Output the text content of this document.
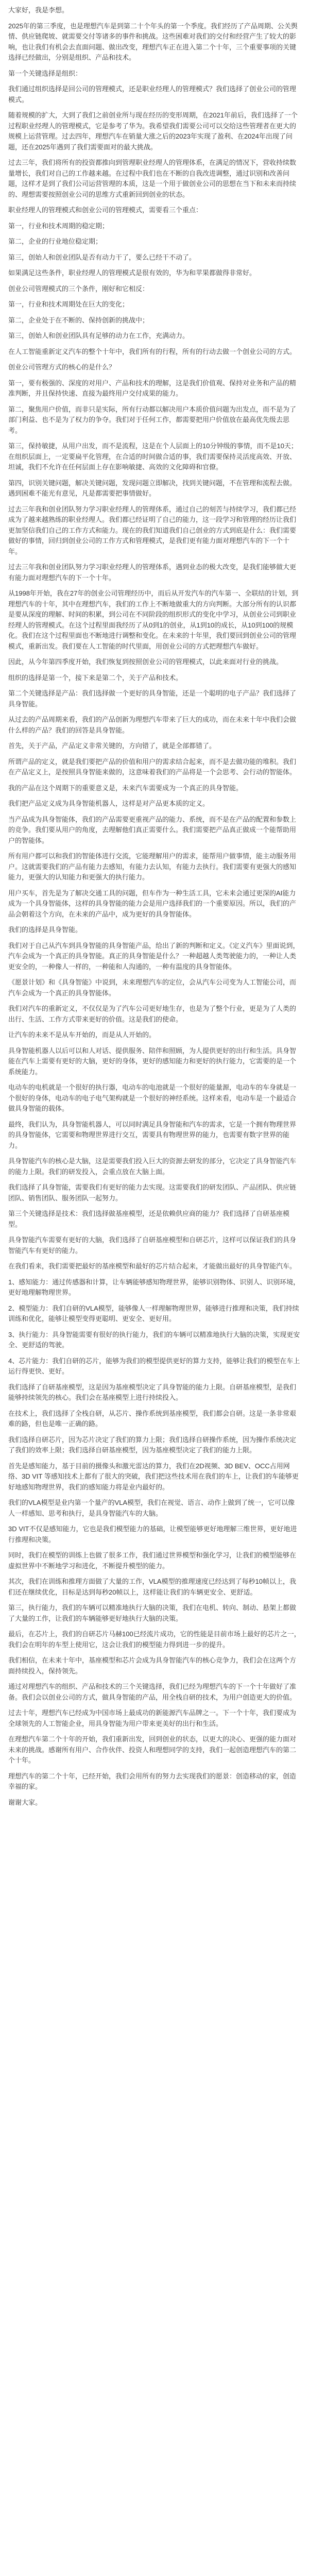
大家好，我是李想。

2025年的第三季度，也是理想汽车是到第二十个年头的第一个季度。我们经历了产品周期、公关舆情、供应链爬坡、就需要交付等诸多的事件和挑战。这些困难对我们的交付和经营产生了较大的影响，也让我们有机会去直面问题、做出改变，理想汽车正在进入第二个十年，三个重要事项的关键选择已经做出，分别是组织、产品和技术。

第一个关键选择是组织：

我们通过组织选择是回公司的管理模式，还是职业经理人的管理模式？我们选择了创业公司的管理模式。

随着规模的扩大，大到了我们之前创业所与现在经历的变形周期，在2021年前后，我们选择了一个过程职业经理人的管理模式，它是参考了华为。我希望我们需要公司可以交给这些管理者在更大的规模上运营管理。过去四年，理想汽车在销量大涨之后的2023年实现了盈利、在2024年出现了问题，还在2025年遇到了我们需要面对的最大挑战。

过去三年，我们将所有的投资都推向到管理职业经理人的管理体系，在满足的情况下，营收持续数量增长，我们对自己的工作越来越。在过程中我们也在不断的自我改进调整，通过识别和改善问题，这样才是到了我们公司运营管理的本质，这是一个用于做创业公司的思想在当下和未来而持续的、理想需要按照创业公司的思维方式重新回到创业的状态。

职业经理人的管理模式和创业公司的管理模式，需要看三个重点：

第一，行业和技术周期的稳定期；

第二，企业的行业地位稳定期；

第三，创始人和创业团队是否有动力干了，要么已经干不动了。

如果满足这些条件，职业经理人的管理模式是很有效的，华为和苹果都做得非常好。

创业公司管理模式的三个条件，刚好和它相反：

第一，行业和技术周期处在巨大的变化；

第二，企业处于在不断的、保持创新的挑战中；

第三，创始人和创业团队具有足够的动力在工作，充满动力。

在人工智能重新定义汽车的整个十年中，我们所有的行程，所有的行动去做一个创业公司的方式。

创业公司管理方式的核心的是什么？

第一，要有极强的、深度的对用户、产品和技术的理解，这是我们价值观、保持对业务和产品的精准判断，并且保持快速、直接为最终用户交付成果的能力。

第二，聚焦用户价值，而非只是实际，所有行动都以解决用户本质价值问题为出发点，而不是为了部门利益、也不是为了权力的争夺。我们对于任何工作，都需要把用户价值放在最高优先级去思考。

第三，保持敏捷，从用户出发，而不是流程，这是在个人层面上的10分钟级的事情，而不是10天；在组织层面上，一定要扁平化管理，在合适的时间做合适的事，我们需要保持灵活度高效、开放、坦诚，我们不允许在任何层面上存在影响敏捷、高效的文化障碍和官僚。

第四，识别关键问题，解决关键问题，发现问题立即解决，找到关键问题，不在管理和流程去做。遇到困难不能光有意见，凡是都需要把事情做好。

过去三年我和创业团队努力学习职业经理人的管理体系，通过自己的刻苦与持续学习，我们都已经成为了越来越熟练的职业经理人。我们都已经证明了自己的能力，这一段学习和管理的经历让我们更加坚信我们自己的工作方式和能力。现在的我们知道我们自己创业的方式到底是什么：我们需要做好的事情，回归到创业公司的工作方式和管理模式，是我们更有能力面对理想汽车的下一个十年。

过去三年我和创业团队努力学习职业经理人的管理体系，遇到业态的极大改变，是我们能够做大更有能力面对理想汽车的下一个十年。

从1998年开始，我在27年的创业公司管理经历中，而后从开发汽车的汽车第一、全联结的计划，到理想汽车的十年，其中在理想汽车，我们的工作上不断地做重大的方向判断。大部分所有的认识都是要从深度的理解、时间的积累，到公司在不同阶段的组织形式的变化中学习，从创业公司到职业经理人的管理模式。在这个过程里面我经历了从0到1的创业，从1到10的成长，从10到100的规模化。我们在这个过程里面也不断地进行调整和变化。在未来的十年里，我们要回到创业公司的管理模式，重新出发。我们要在人工智能的时代里面，用创业公司的方式把理想汽车做好。

因此，从今年第四季度开始，我们恢复到按照创业公司的管理模式，以此来面对行业的挑战。

组织的选择是第一个，接下来是第二个，关于产品和技术。

第二个关键选择是产品：我们选择做一个更好的具身智能，还是一个聪明的电子产品？我们选择了具身智能。

从过去的产品周期来看，我们的产品创新为理想汽车带来了巨大的成功，而在未来十年中我们会做什么样的产品？我们的回答是具身智能。

首先，关于产品，产品定义非常关键的，方向错了，就是全部都错了。

所谓产品的定义，就是我们要把产品的价值和用户的需求结合起来，而不是去做功能的堆积。我们在产品定义上，是按照具身智能来做的，这意味着我们的产品将是一个会思考、会行动的智能体。

我的产品在这个周期下的重要意义是，未来汽车需要成为一个真正的具身智能。

我们把产品定义成为具身智能机器人，这样是对产品更本质的定义。

当产品成为具身智能体，我们的产品需要更重视产品的能力、系统，而不是在产品的配置和参数上的竞争。我们要从用户的角度，去理解他们真正需要什么。我们需要把产品真正做成一个能帮助用户的智能体。

所有用户都可以和我们的智能体进行交流，它能理解用户的需求，能帮用户做事情，能主动服务用户。这就需要我们的产品有能力去感知，有能力去认知，有能力去执行。我们需要有更强大的感知能力，更强大的认知能力和更强大的执行能力。

用户买车，首先是为了解决交通工具的问题，但车作为一种生活工具，它未来会通过更深的AI能力成为一个具身智能体，这样的具身智能的能力会是用户选择我们的一个重要原因。所以，我们的产品会朝着这个方向，在未来的产品中，成为更好的具身智能体。

我们的选择是具身智能。

我们对于自己从汽车到具身智能的具身智能产品，给出了新的判断和定义。《定义汽车》里面说到，汽车会成为一个真正的具身智能。真正的具身智能是什么？一种超越人类驾驶能力的，一种让人类更安全的，一种像人一样的，一种能和人沟通的，一种有温度的具身智能体。

《愿景计划》和《具身智能》中说到，未来理想汽车的定位，会从汽车公司变为人工智能公司，而汽车会成为一个真正的具身智能体。

我们对汽车的重新定义，不仅仅是为了汽车公司更好地生存，也是为了整个行业，更是为了人类的出行、生活、工作方式带来更好的价值。这是我们的使命。

让汽车的未来不是从车开始的，而是从人开始的。

具身智能机器人以后可以和人对话、提供服务、陪伴和照顾，为人提供更好的出行和生活。具身智能在汽车上需要有更好的大脑，更好的身体，更好的感知能力和更好的执行能力，它需要的是一个系统能力。

电动车的电机就是一个很好的执行器，电动车的电池就是一个很好的能量源，电动车的车身就是一个很好的身体，电动车的电子电气架构就是一个很好的神经系统。这样来看，电动车是一个最适合做具身智能的载体。

最终，我们认为，具身智能机器人，可以同时满足具身智能和汽车的需求，它是一个拥有物理世界的具身智能体，它需要和物理世界进行交互，需要具有物理世界的能力，也需要有数字世界的能力。

具身智能汽车的核心是大脑，这是需要我们投入巨大的资源去研发的部分，它决定了具身智能汽车的能力上限。我们的研发投入，会重点放在大脑上面。

我们选择了具身智能，需要我们有更好的能力去实现。这需要我们的研发团队、产品团队、供应链团队、销售团队、服务团队一起努力。

第三个关键选择是技术：我们选择做基座模型，还是依赖供应商的能力？我们选择了自研基座模型。

具身智能汽车需要有更好的大脑，我们选择了自研基座模型和自研芯片，这样可以保证我们的具身智能汽车有更好的能力。

在我们看来，我们需要把最好的基座模型和最好的芯片结合起来，才能做出最好的具身智能汽车。

1、感知能力：通过传感器和计算，让车辆能够感知物理世界，能够识别物体、识别人、识别环境，更好地理解物理世界。

2、模型能力：我们自研的VLA模型，能够像人一样理解物理世界，能够进行推理和决策，我们持续训练和优化，能够让模型变得更聪明、更安全、更好用。

3、执行能力：具身智能需要有很好的执行能力，我们的车辆可以精准地执行大脑的决策，实现更安全、更舒适的驾驶。

4、芯片能力：我们自研的芯片，能够为我们的模型提供更好的算力支持，能够让我们的模型在车上运行得更快、更好。

我们选择了自研基座模型，这是因为基座模型决定了具身智能的能力上限。自研基座模型，是我们能够持续领先的核心。我们会在基座模型上进行持续投入。

在技术上，我们选择了全栈自研，从芯片、操作系统到基座模型，我们都会自研。这是一条非常艰难的路，但也是唯一正确的路。

我们选择自研芯片，因为芯片决定了我们的算力上限；我们选择自研操作系统，因为操作系统决定了我们的效率上限；我们选择自研基座模型，因为基座模型决定了我们的能力上限。

首先是感知能力，基于目前的摄像头和激光雷达的算力，我们在2D视频、3D BEV、OCC占用网络、3D VIT 等感知技术上都有了很大的突破，我们把这些技术用在我们的车上，让我们的车能够更好地感知物理世界，我们的感知能力将是业内最好的。

我们的VLA模型是业内第一个量产的VLA模型，我们在视觉、语言、动作上做到了统一，它可以像人一样感知、思考和执行，是具身智能汽车的大脑。

3D VIT不仅是感知能力，它也是我们模型能力的基础，让模型能够更好地理解三维世界，更好地进行推理和决策。

同时，我们在模型的训练上也做了很多工作，我们通过世界模型和强化学习，让我们的模型能够在虚拟世界中不断地学习和进化，不断提升模型的能力。

其次，我们在训练和推理方面做了大量的工作，VLA模型的推理速度已经达到了每秒10帧以上，我们还在继续优化，目标是达到每秒20帧以上，这样能让我们的车辆更安全、更舒适。

第三，执行能力，我们的车辆可以精准地执行大脑的决策，我们在电机、转向、制动、悬架上都做了大量的工作，让我们的车辆能够更好地执行大脑的决策。

最后，在芯片上，我们的自研芯片马赫100已经流片成功，它的性能是目前市场上最好的芯片之一，我们会在明年的车型上使用它，这会让我们的模型能力得到进一步的提升。

我们相信，在未来十年中，基座模型和芯片会成为具身智能汽车的核心竞争力，我们会在这两个方面持续投入，保持领先。

通过对理想汽车的组织、产品和技术的三个关键选择，我们已经为理想汽车的下一个十年做好了准备。我们会以创业公司的方式，做具身智能的产品，用全栈自研的技术，为用户创造更大的价值。

过去十年，理想汽车已经成为中国市场上最成功的新能源汽车品牌之一。下一个十年，我们要成为全球领先的人工智能企业，用具身智能为用户带来更美好的出行和生活。

在理想汽车第二个十年的开始，我们重新出发，回到创业的状态，以更大的决心、更强的能力面对未来的挑战。感谢所有用户、合作伙伴、投资人和理想同学的支持，我们一起创造理想汽车的第二个十年。

理想汽车的第二个十年，已经开始，我们会用所有的努力去实现我们的愿景：创造移动的家，创造幸福的家。

谢谢大家。
